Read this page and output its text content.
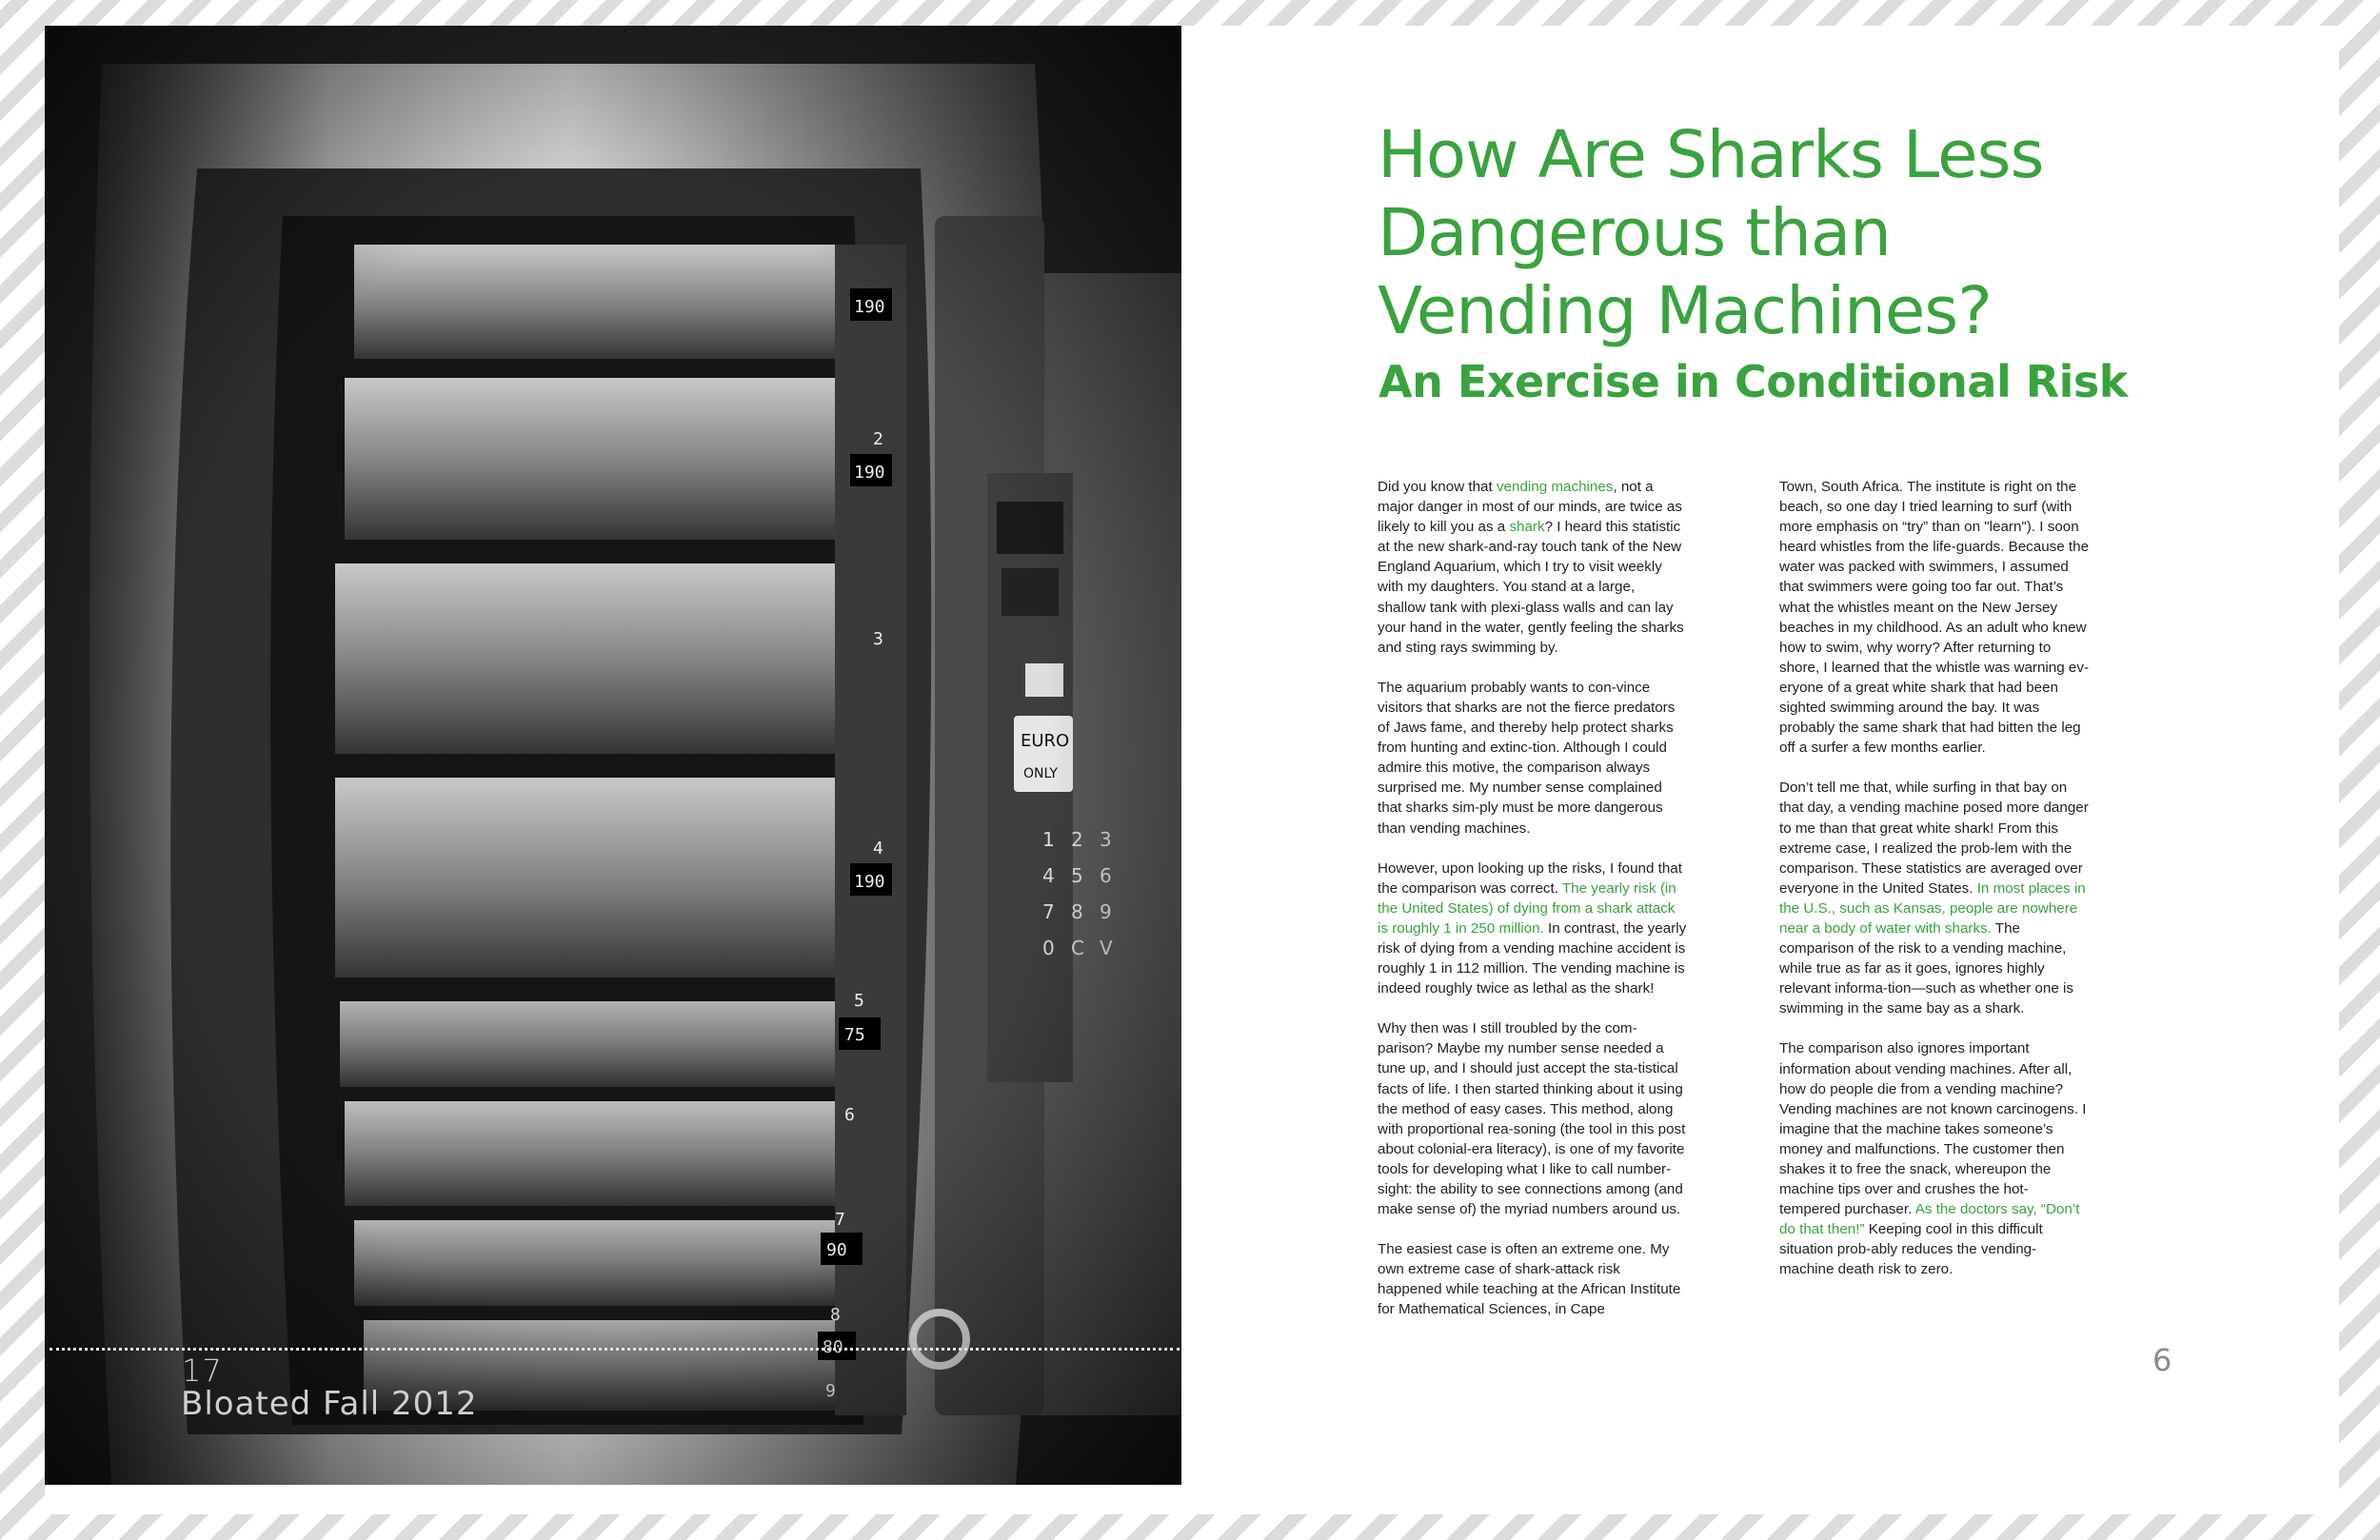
17
Bloated Fall 2012
How Are Sharks Less
Dangerous than
Vending Machines?
An Exercise in Conditional Risk

Did you know that vending machines, not a major danger in most of our minds, are twice as likely to kill you as a shark? I heard this statistic at the new shark-and-ray touch tank of the New England Aquarium, which I try to visit weekly with my daughters. You stand at a large, shallow tank with plexi-glass walls and can lay your hand in the water, gently feeling the sharks and sting rays swimming by.

The aquarium probably wants to con-vince visitors that sharks are not the fierce predators of Jaws fame, and thereby help protect sharks from hunting and extinc-tion. Although I could admire this motive, the comparison always surprised me. My number sense complained that sharks sim-ply must be more dangerous than vending machines.

However, upon looking up the risks, I found that the comparison was correct. The yearly risk (in the United States) of dying from a shark attack is roughly 1 in 250 million. In contrast, the yearly risk of dying from a vending machine accident is roughly 1 in 112 million. The vending machine is indeed roughly twice as lethal as the shark!

Why then was I still troubled by the com-parison? Maybe my number sense needed a tune up, and I should just accept the sta-tistical facts of life. I then started thinking about it using the method of easy cases. This method, along with proportional rea-soning (the tool in this post about colonial-era literacy), is one of my favorite tools for developing what I like to call number-sight: the ability to see connections among (and make sense of) the myriad numbers around us.

The easiest case is often an extreme one. My own extreme case of shark-attack risk happened while teaching at the African Institute for Mathematical Sciences, in Cape

Town, South Africa. The institute is right on the beach, so one day I tried learning to surf (with more emphasis on “try” than on "learn"). I soon heard whistles from the life-guards. Because the water was packed with swimmers, I assumed that swimmers were going too far out. That’s what the whistles meant on the New Jersey beaches in my childhood. As an adult who knew how to swim, why worry? After returning to shore, I learned that the whistle was warning ev-eryone of a great white shark that had been sighted swimming around the bay. It was probably the same shark that had bitten the leg off a surfer a few months earlier.

Don’t tell me that, while surfing in that bay on that day, a vending machine posed more danger to me than that great white shark! From this extreme case, I realized the prob-lem with the comparison. These statistics are averaged over everyone in the United States. In most places in the U.S., such as Kansas, people are nowhere near a body of water with sharks. The comparison of the risk to a vending machine, while true as far as it goes, ignores highly relevant informa-tion—such as whether one is swimming in the same bay as a shark.

The comparison also ignores important information about vending machines. After all, how do people die from a vending machine? Vending machines are not known carcinogens. I imagine that the machine takes someone’s money and malfunctions. The customer then shakes it to free the snack, whereupon the machine tips over and crushes the hot-tempered purchaser. As the doctors say, “Don’t do that then!” Keeping cool in this difficult situation prob-ably reduces the vending-machine death risk to zero.

6
